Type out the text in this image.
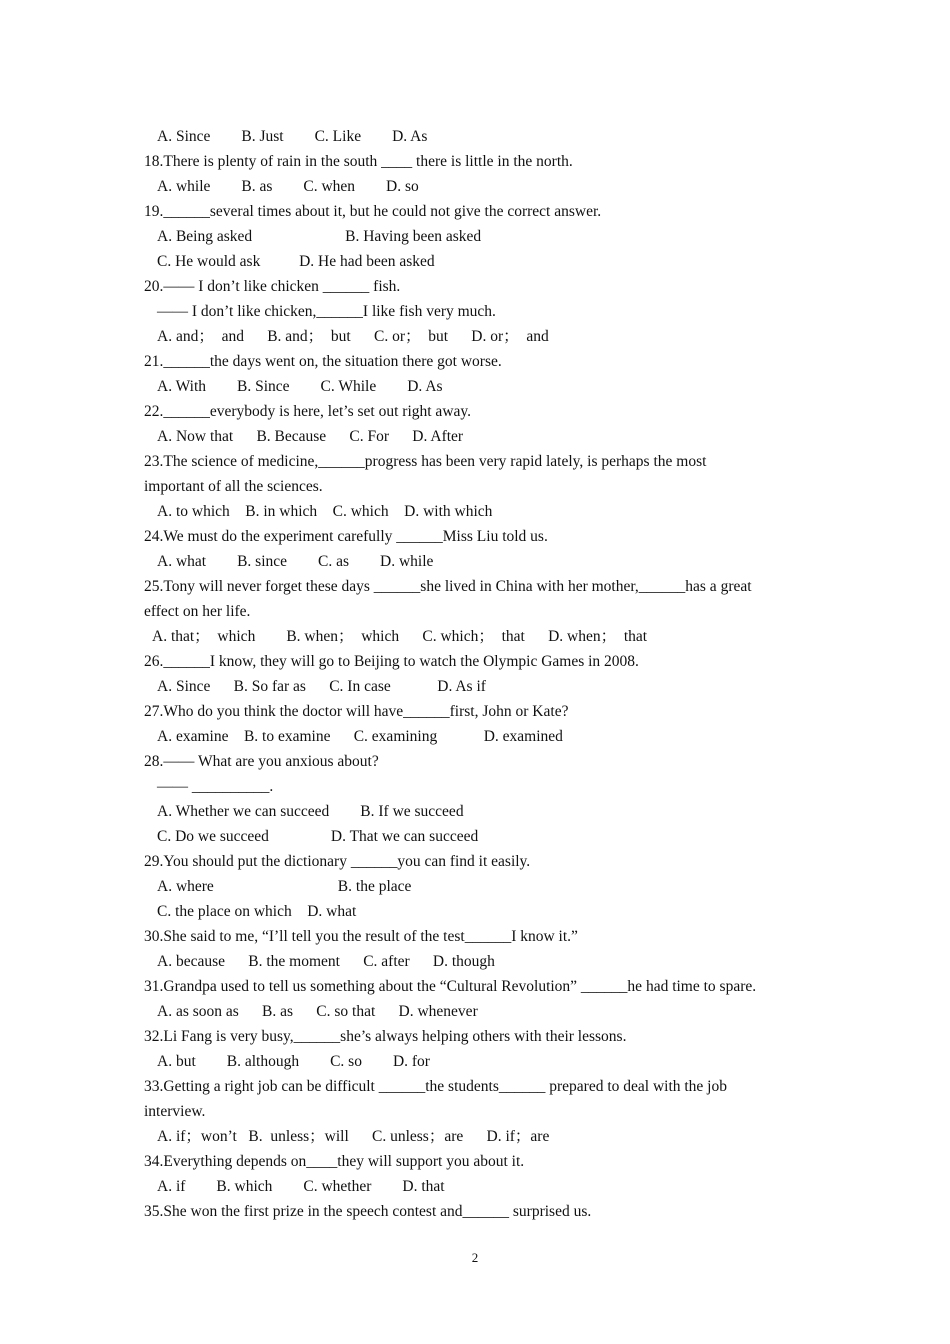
A. Since        B. Just        C. Like        D. As
18.There is plenty of rain in the south ____ there is little in the north.
A. while        B. as        C. when        D. so
19.______several times about it, but he could not give the correct answer.
A. Being asked                        B. Having been asked
C. He would ask          D. He had been asked
20.—— I don’t like chicken ______ fish.
—— I don’t like chicken,______I like fish very much.
A. and；  and      B. and；  but      C. or；  but      D. or；  and
21.______the days went on, the situation there got worse.
A. With        B. Since        C. While        D. As
22.______everybody is here, let’s set out right away.
A. Now that      B. Because      C. For      D. After
23.The science of medicine,______progress has been very rapid lately, is perhaps the most
important of all the sciences.
A. to which    B. in which    C. which    D. with which
24.We must do the experiment carefully ______Miss Liu told us.
A. what        B. since        C. as        D. while
25.Tony will never forget these days ______she lived in China with her mother,______has a great
effect on her life.
A. that；  which        B. when；  which      C. which；  that      D. when；  that
26.______I know, they will go to Beijing to watch the Olympic Games in 2008.
A. Since      B. So far as      C. In case            D. As if
27.Who do you think the doctor will have______first, John or Kate?
A. examine    B. to examine      C. examining            D. examined
28.—— What are you anxious about?
—— __________.
A. Whether we can succeed        B. If we succeed
C. Do we succeed                D. That we can succeed
29.You should put the dictionary ______you can find it easily.
A. where                                B. the place
C. the place on which    D. what
30.She said to me, “I’ll tell you the result of the test______I know it.”
A. because      B. the moment      C. after      D. though
31.Grandpa used to tell us something about the “Cultural Revolution” ______he had time to spare.
A. as soon as      B. as      C. so that      D. whenever
32.Li Fang is very busy,______she’s always helping others with their lessons.
A. but        B. although        C. so        D. for
33.Getting a right job can be difficult ______the students______ prepared to deal with the job
interview.
A. if；won’t   B.  unless；will      C. unless；are      D. if；are
34.Everything depends on____they will support you about it.
A. if        B. which        C. whether        D. that
35.She won the first prize in the speech contest and______ surprised us.
2
